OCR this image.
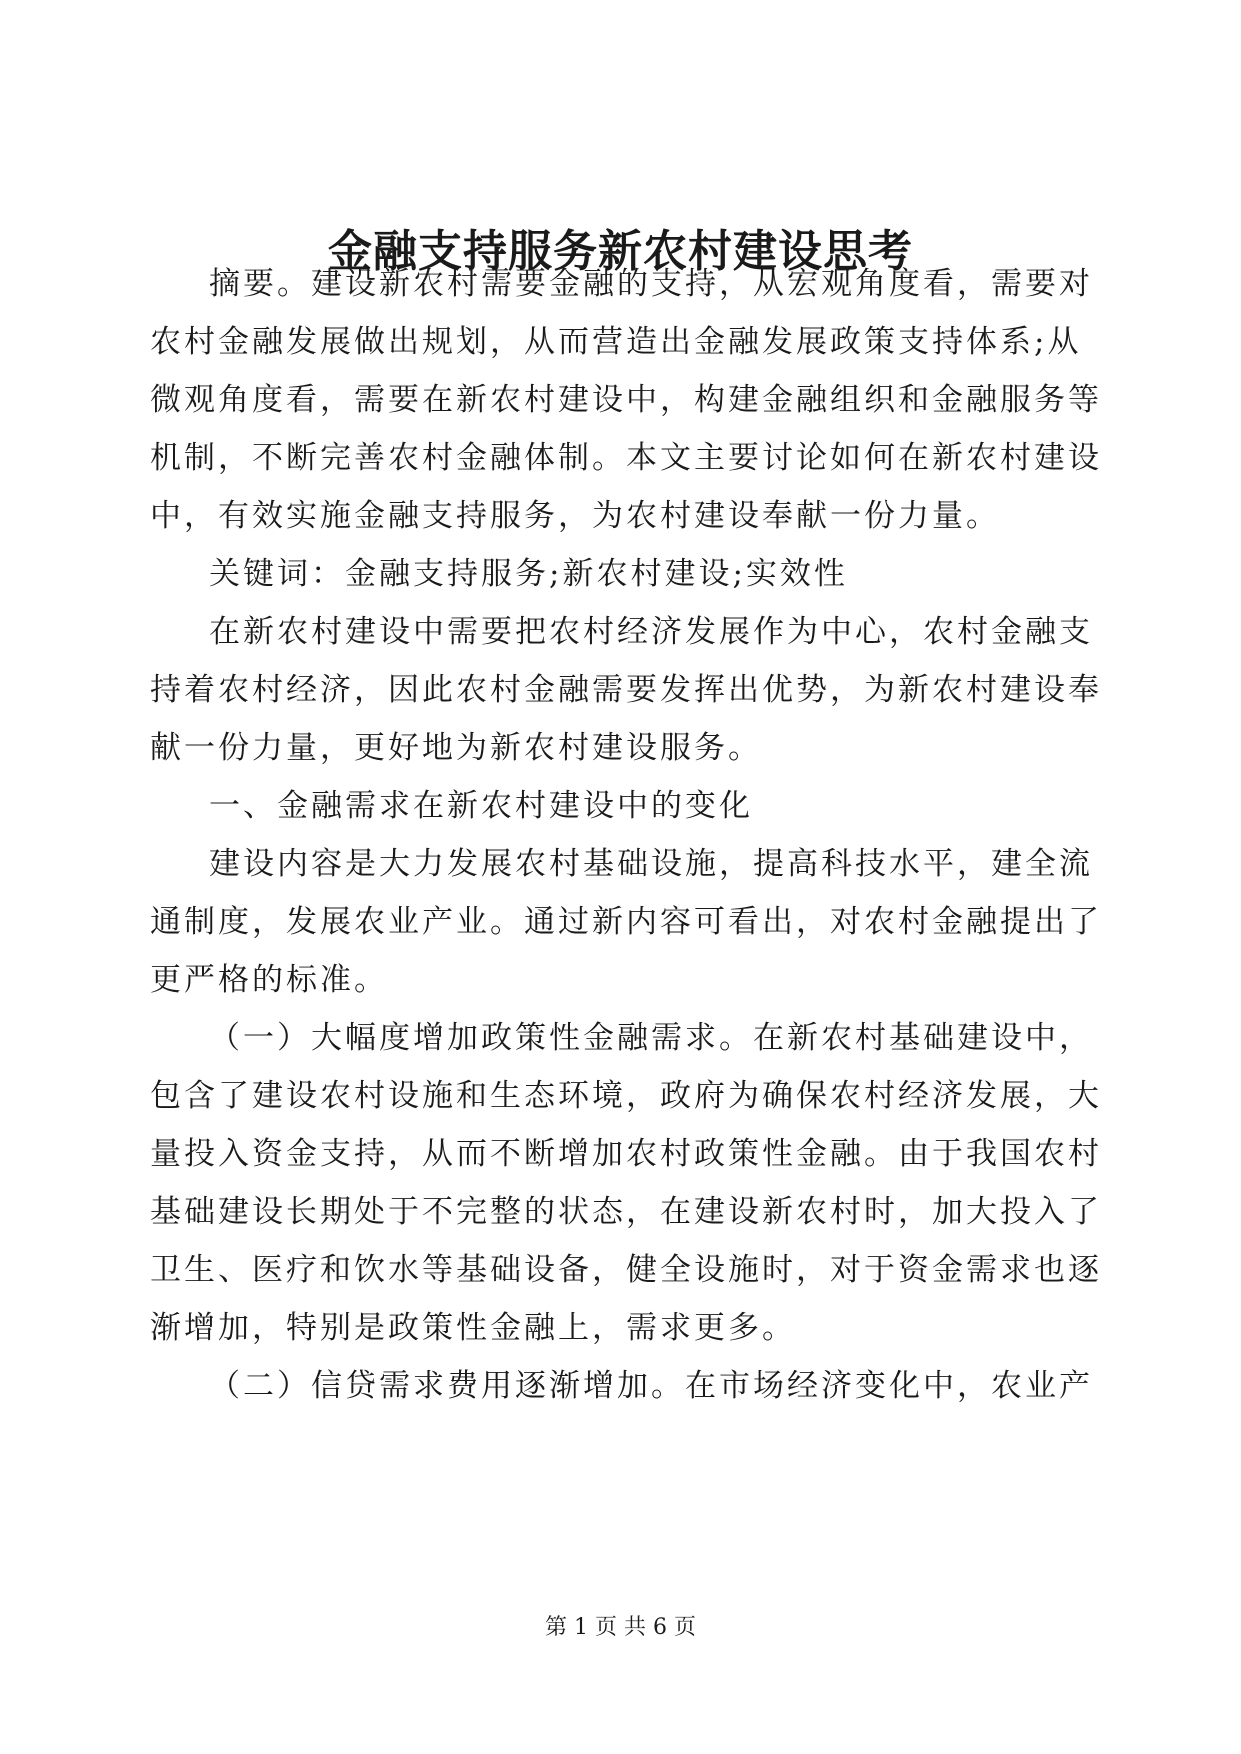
金融支持服务新农村建设思考
摘要。建设新农村需要金融的支持，从宏观角度看，需要对
农村金融发展做出规划，从而营造出金融发展政策支持体系;从
微观角度看，需要在新农村建设中，构建金融组织和金融服务等
机制，不断完善农村金融体制。本文主要讨论如何在新农村建设
中，有效实施金融支持服务，为农村建设奉献一份力量。
关键词：金融支持服务;新农村建设;实效性
在新农村建设中需要把农村经济发展作为中心，农村金融支
持着农村经济，因此农村金融需要发挥出优势，为新农村建设奉
献一份力量，更好地为新农村建设服务。
一、金融需求在新农村建设中的变化
建设内容是大力发展农村基础设施，提高科技水平，建全流
通制度，发展农业产业。通过新内容可看出，对农村金融提出了
更严格的标准。
（一）大幅度增加政策性金融需求。在新农村基础建设中，
包含了建设农村设施和生态环境，政府为确保农村经济发展，大
量投入资金支持，从而不断增加农村政策性金融。由于我国农村
基础建设长期处于不完整的状态，在建设新农村时，加大投入了
卫生、医疗和饮水等基础设备，健全设施时，对于资金需求也逐
渐增加，特别是政策性金融上，需求更多。
（二）信贷需求费用逐渐增加。在市场经济变化中，农业产
第 1 页 共 6 页
